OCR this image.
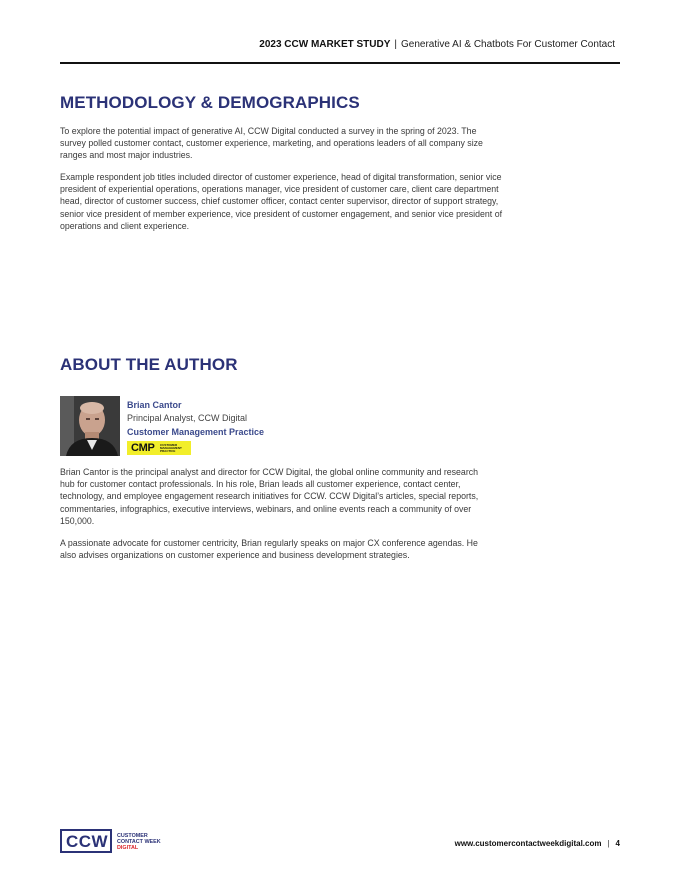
2023 CCW MARKET STUDY | Generative AI & Chatbots For Customer Contact
METHODOLOGY & DEMOGRAPHICS

To explore the potential impact of generative AI, CCW Digital conducted a survey in the spring of 2023. The survey polled customer contact, customer experience, marketing, and operations leaders of all company size ranges and most major industries.

Example respondent job titles included director of customer experience, head of digital transformation, senior vice president of experiential operations, operations manager, vice president of customer care, client care department head, director of customer success, chief customer officer, contact center supervisor, director of support strategy, senior vice president of member experience, vice president of customer engagement, and senior vice president of operations and client experience.

ABOUT THE AUTHOR
Brian Cantor
Principal Analyst, CCW Digital
Customer Management Practice
CMP CUSTOMER
MANAGEMENT
PRACTICE

Brian Cantor is the principal analyst and director for CCW Digital, the global online community and research hub for customer contact professionals. In his role, Brian leads all customer experience, contact center, technology, and employee engagement research initiatives for CCW. CCW Digital’s articles, special reports, commentaries, infographics, executive interviews, webinars, and online events reach a community of over 150,000.

A passionate advocate for customer centricity, Brian regularly speaks on major CX conference agendas. He also advises organizations on customer experience and business development strategies.

CCW CUSTOMER
CONTACT WEEK
DIGITAL	www.customercontactweekdigital.com | 4
